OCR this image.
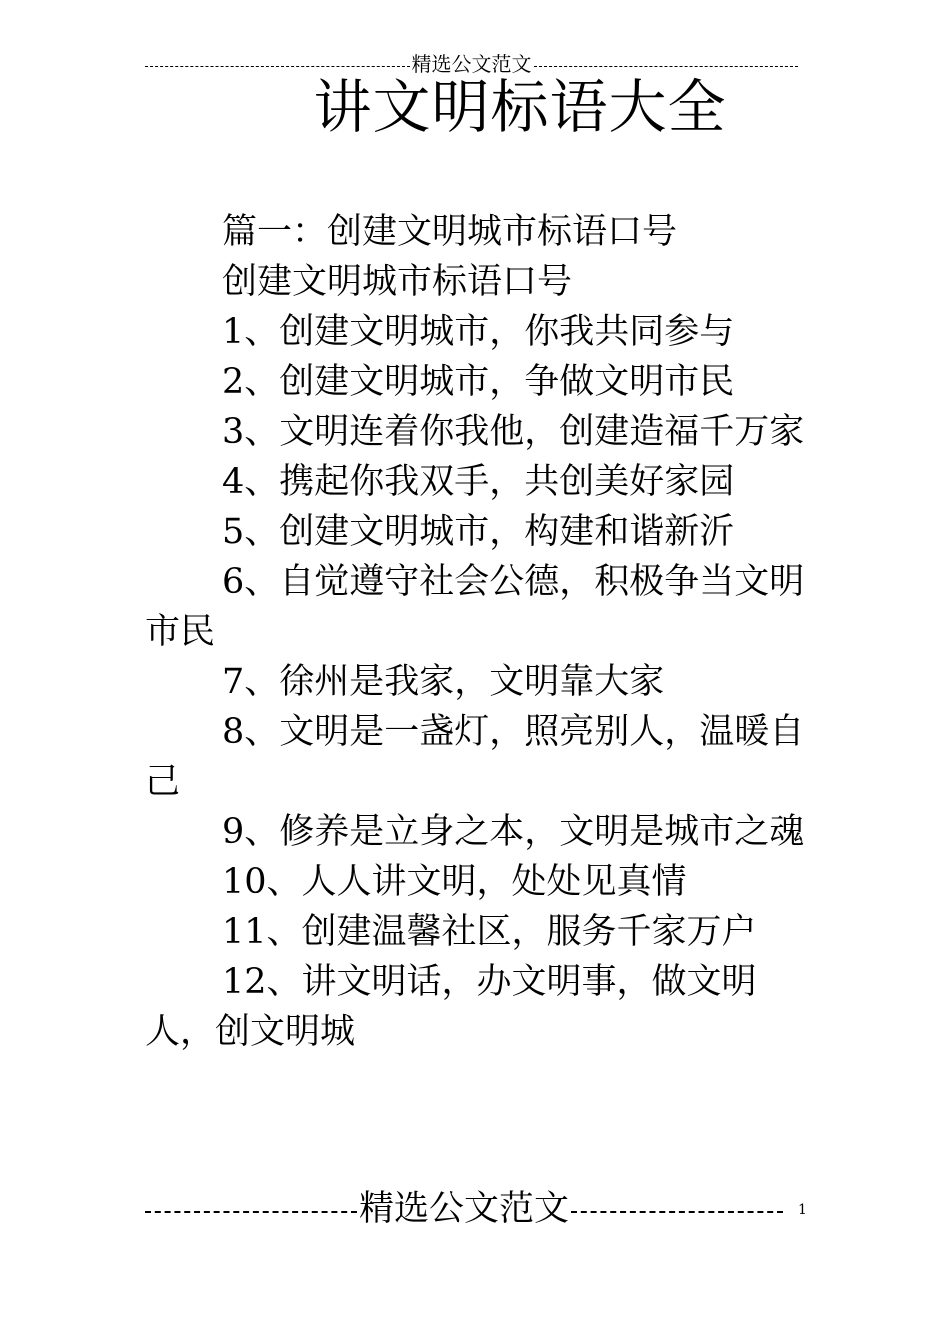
精选公文范文
讲文明标语大全

篇一：创建文明城市标语口号

创建文明城市标语口号

1、创建文明城市，你我共同参与

2、创建文明城市，争做文明市民

3、文明连着你我他，创建造福千万家

4、携起你我双手，共创美好家园

5、创建文明城市，构建和谐新沂

6、自觉遵守社会公德，积极争当文明市民

7、徐州是我家，文明靠大家

8、文明是一盏灯，照亮别人，温暖自己

9、修养是立身之本，文明是城市之魂

10、人人讲文明，处处见真情

11、创建温馨社区，服务千家万户

12、讲文明话，办文明事，做文明人，创文明城

精选公文范文	1
